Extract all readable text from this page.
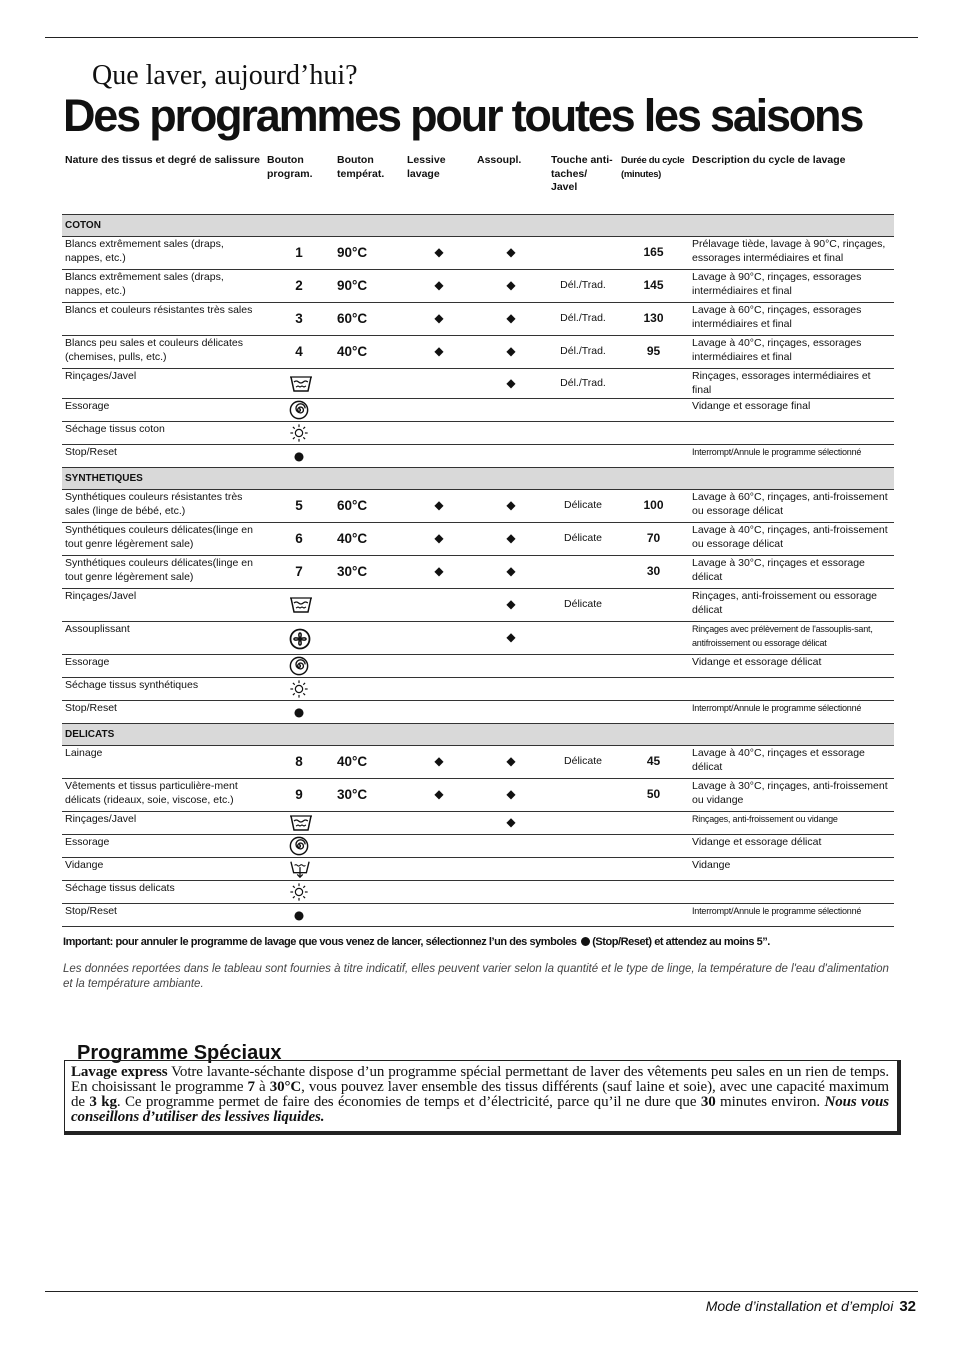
Que laver, aujourd’hui?
Des programmes pour toutes les saisons
Nature des tissus et degré de salissure	Bouton program.	Bouton températ.	Lessive lavage	Assoupl.	Touche anti-taches/ Javel	Durée du cycle (minutes)	Description du cycle de lavage
COTON							
Blancs extrêmement sales (draps, nappes, etc.)	1	90°C	◆	◆		165	Prélavage tiède, lavage à 90°C, rinçages, essorages intermédiaires et final
Blancs extrêmement sales (draps, nappes, etc.)	2	90°C	◆	◆	Dél./Trad.	145	Lavage à 90°C, rinçages, essorages intermédiaires et final
Blancs et couleurs résistantes très sales	3	60°C	◆	◆	Dél./Trad.	130	Lavage à 60°C, rinçages, essorages intermédiaires et final
Blancs peu sales et couleurs délicates (chemises, pulls, etc.)	4	40°C	◆	◆	Dél./Trad.	95	Lavage à 40°C, rinçages, essorages intermédiaires et final
Rinçages/Javel				◆	Dél./Trad.		Rinçages, essorages intermédiaires et final
Essorage							Vidange et essorage final
Séchage tissus coton							
Stop/Reset							Interrompt/Annule le programme sélectionné
SYNTHETIQUES							
Synthétiques couleurs résistantes très sales (linge de bébé, etc.)	5	60°C	◆	◆	Délicate	100	Lavage à 60°C, rinçages, anti-froissement ou essorage délicat
Synthétiques couleurs délicates(linge en tout genre légèrement sale)	6	40°C	◆	◆	Délicate	70	Lavage à 40°C, rinçages, anti-froissement ou essorage délicat
Synthétiques couleurs délicates(linge en tout genre légèrement sale)	7	30°C	◆	◆		30	Lavage à 30°C, rinçages et essorage délicat
Rinçages/Javel				◆	Délicate		Rinçages, anti-froissement ou essorage délicat
Assouplissant				◆			Rinçages avec prélèvement de l'assouplis-sant, antifroissement ou essorage délicat
Essorage							Vidange et essorage délicat
Séchage tissus synthétiques							
Stop/Reset							Interrompt/Annule le programme sélectionné
DELICATS							
Lainage	8	40°C	◆	◆	Délicate	45	Lavage à 40°C, rinçages et essorage délicat
Vêtements et tissus particulière-ment délicats (rideaux, soie, viscose, etc.)	9	30°C	◆	◆		50	Lavage à 30°C, rinçages, anti-froissement ou vidange
Rinçages/Javel				◆			Rinçages, anti-froissement ou vidange
Essorage							Vidange et essorage délicat
Vidange							Vidange
Séchage tissus delicats							
Stop/Reset							Interrompt/Annule le programme sélectionné
Important: pour annuler le programme de lavage que vous venez de lancer, sélectionnez l’un des symboles (Stop/Reset) et attendez au moins 5”.
Les données reportées dans le tableau sont fournies à titre indicatif, elles peuvent varier selon la quantité et le type de linge, la température de l'eau d'alimentation et la température ambiante.
Programme Spéciaux
Lavage express Votre lavante-séchante dispose d’un programme spécial permettant de laver des vêtements peu sales en un rien de temps. En choisissant le programme 7 à 30°C, vous pouvez laver ensemble des tissus différents (sauf laine et soie), avec une capacité maximum de 3 kg. Ce programme permet de faire des économies de temps et d’électricité, parce qu’il ne dure que 30 minutes environ. Nous vous conseillons d’utiliser des lessives liquides.
Mode d’installation et d’emploi 32
